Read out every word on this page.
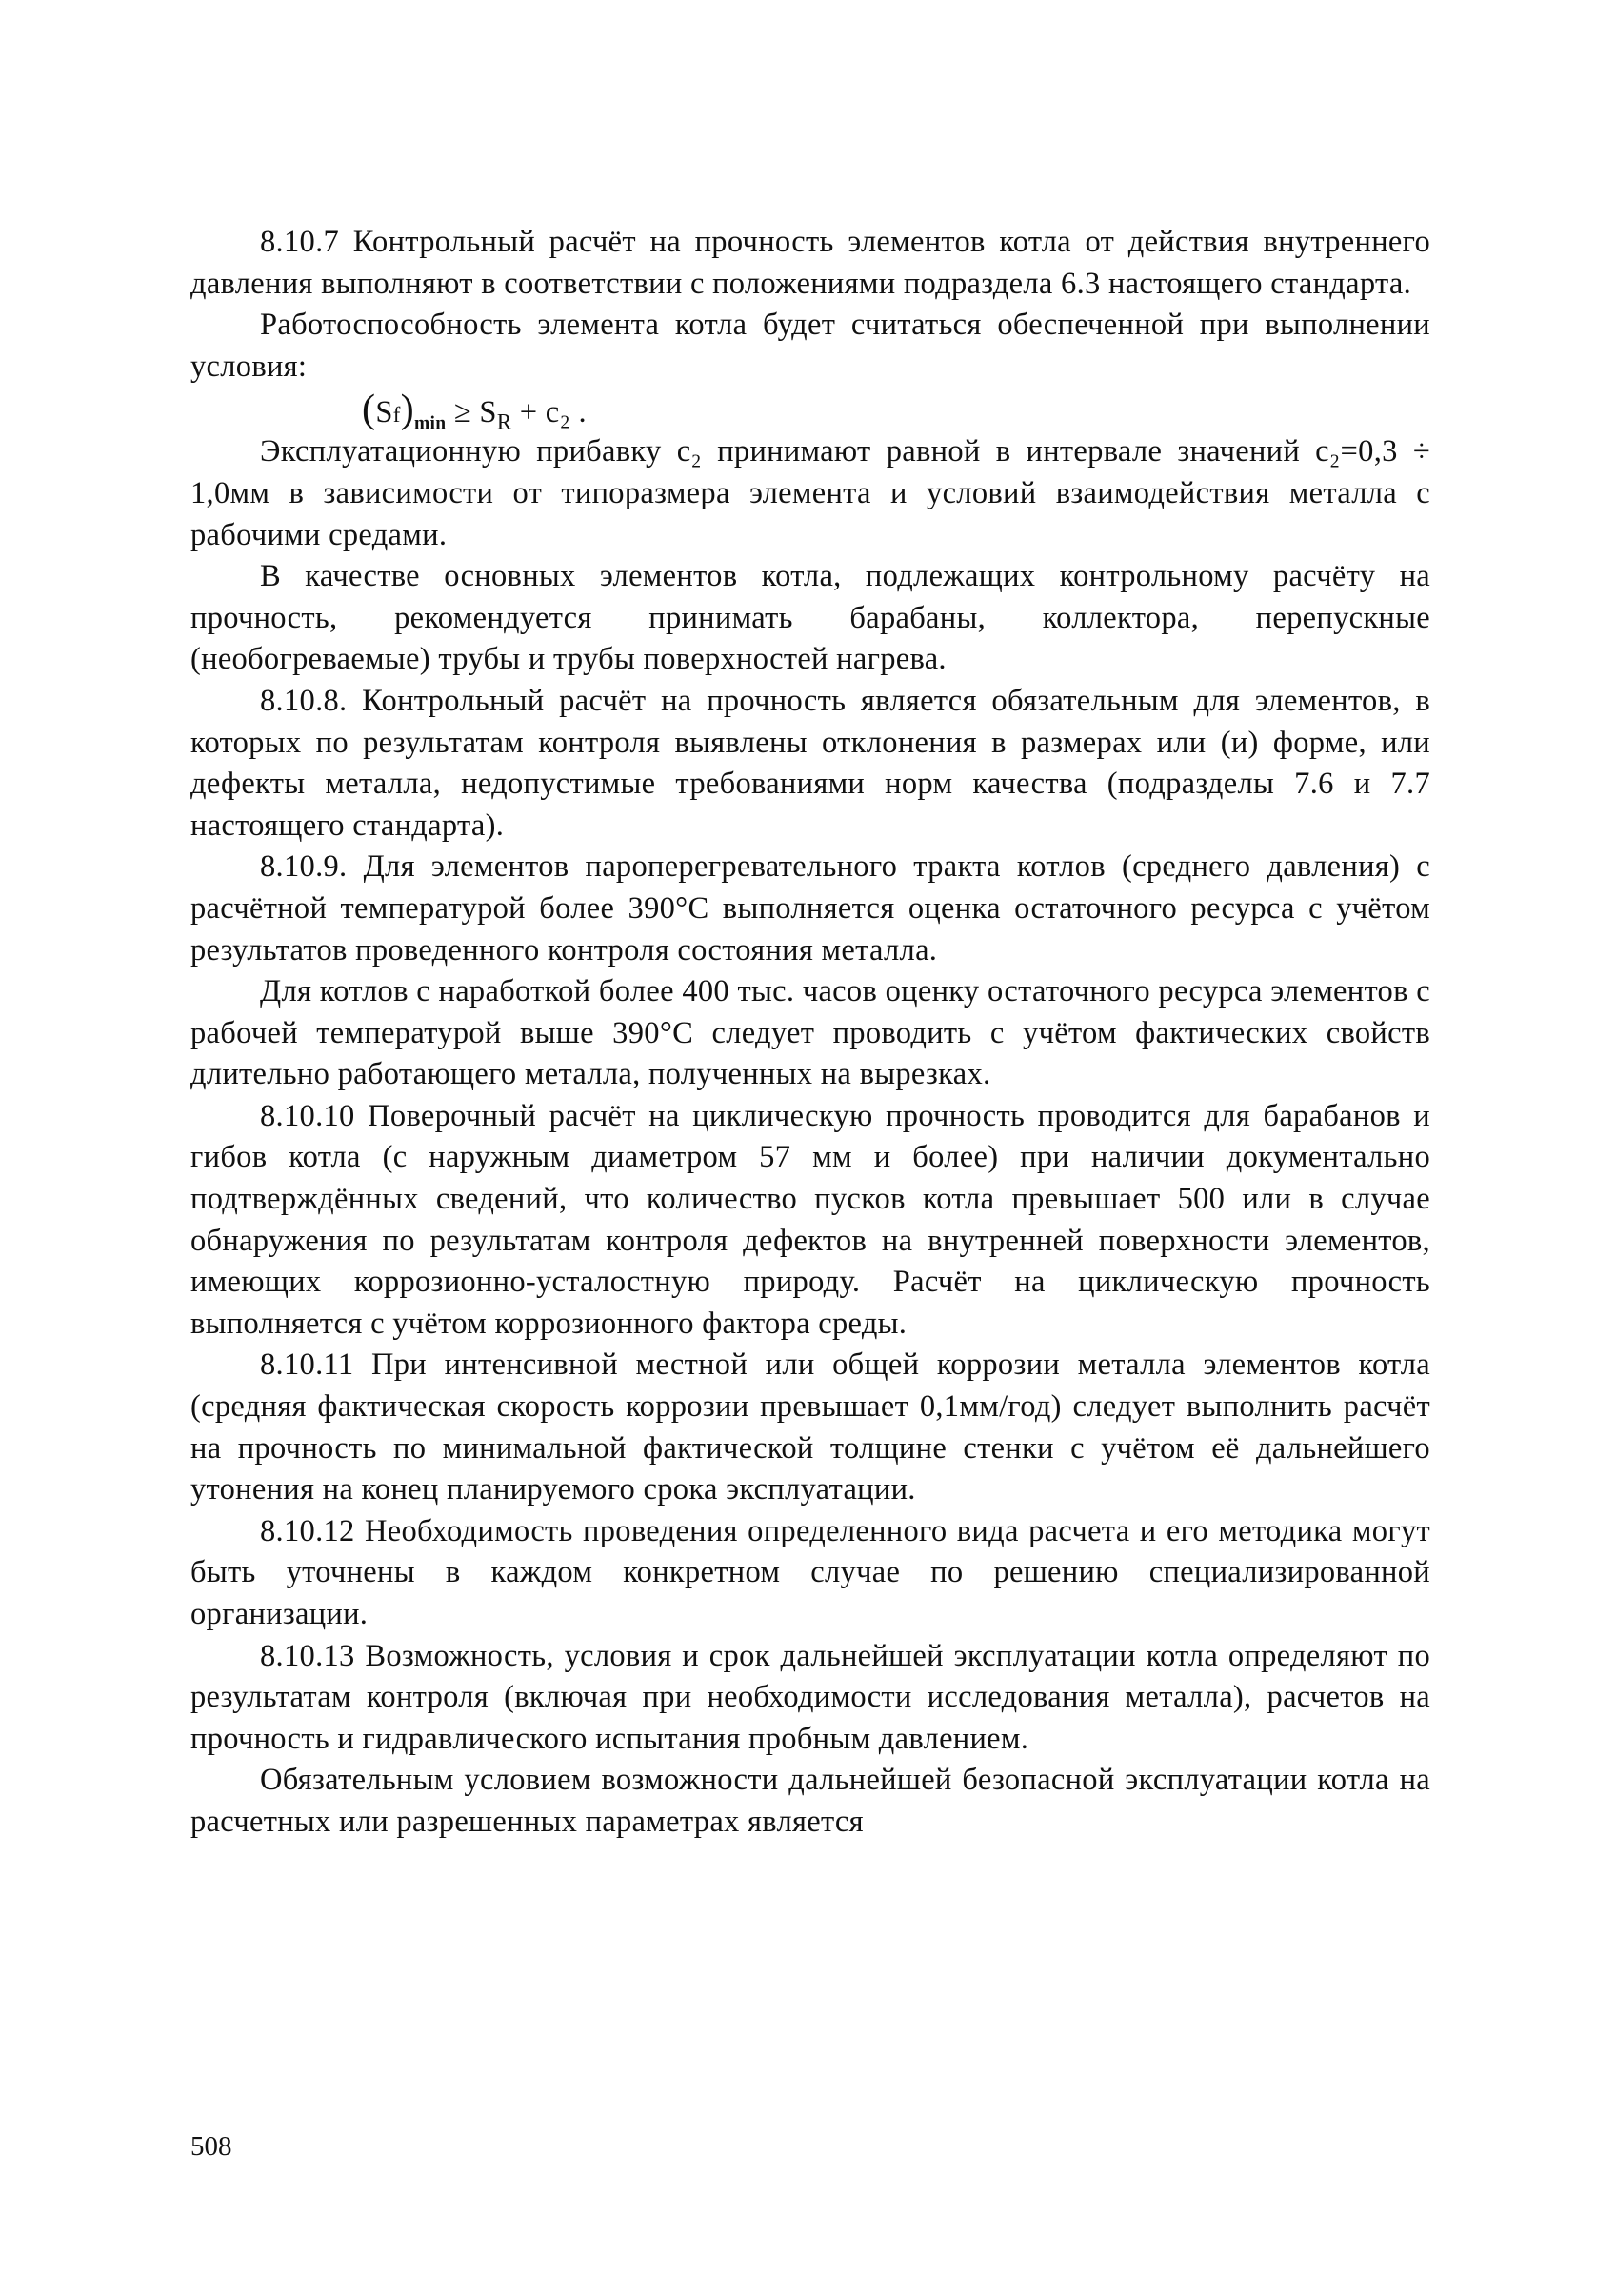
8.10.7 Контрольный расчёт на прочность элементов котла от действия внутреннего давления выполняют в соответствии с положениями подраздела 6.3 настоящего стандарта.

Работоспособность элемента котла будет считаться обеспеченной при выполнении условия:

$(Sf)_{min} \ge S_R + c_2$ .

Эксплуатационную прибавку c₂ принимают равной в интервале значений c₂=0,3 ÷ 1,0мм в зависимости от типоразмера элемента и условий взаимодействия металла с рабочими средами.

В качестве основных элементов котла, подлежащих контрольному расчёту на прочность, рекомендуется принимать барабаны, коллектора, перепускные (необогреваемые) трубы и трубы поверхностей нагрева.

8.10.8. Контрольный расчёт на прочность является обязательным для элементов, в которых по результатам контроля выявлены отклонения в размерах или (и) форме, или дефекты металла, недопустимые требованиями норм качества (подразделы 7.6 и 7.7 настоящего стандарта).

8.10.9. Для элементов пароперегревательного тракта котлов (среднего давления) с расчётной температурой более 390°С выполняется оценка остаточного ресурса с учётом результатов проведенного контроля состояния металла.

Для котлов с наработкой более 400 тыс. часов оценку остаточного ресурса элементов с рабочей температурой выше 390°С следует проводить с учётом фактических свойств длительно работающего металла, полученных на вырезках.

8.10.10 Поверочный расчёт на циклическую прочность проводится для барабанов и гибов котла (с наружным диаметром 57 мм и более) при наличии документально подтверждённых сведений, что количество пусков котла превышает 500 или в случае обнаружения по результатам контроля дефектов на внутренней поверхности элементов, имеющих коррозионно-усталостную природу. Расчёт на циклическую прочность выполняется с учётом коррозионного фактора среды.

8.10.11 При интенсивной местной или общей коррозии металла элементов котла (средняя фактическая скорость коррозии превышает 0,1мм/год) следует выполнить расчёт на прочность по минимальной фактической толщине стенки с учётом её дальнейшего утонения на конец планируемого срока эксплуатации.

8.10.12 Необходимость проведения определенного вида расчета и его методика могут быть уточнены в каждом конкретном случае по решению специализированной организации.

8.10.13 Возможность, условия и срок дальнейшей эксплуатации котла определяют по результатам контроля (включая при необходимости исследования металла), расчетов на прочность и гидравлического испытания пробным давлением.

Обязательным условием возможности дальнейшей безопасной эксплуатации котла на расчетных или разрешенных параметрах является

508
